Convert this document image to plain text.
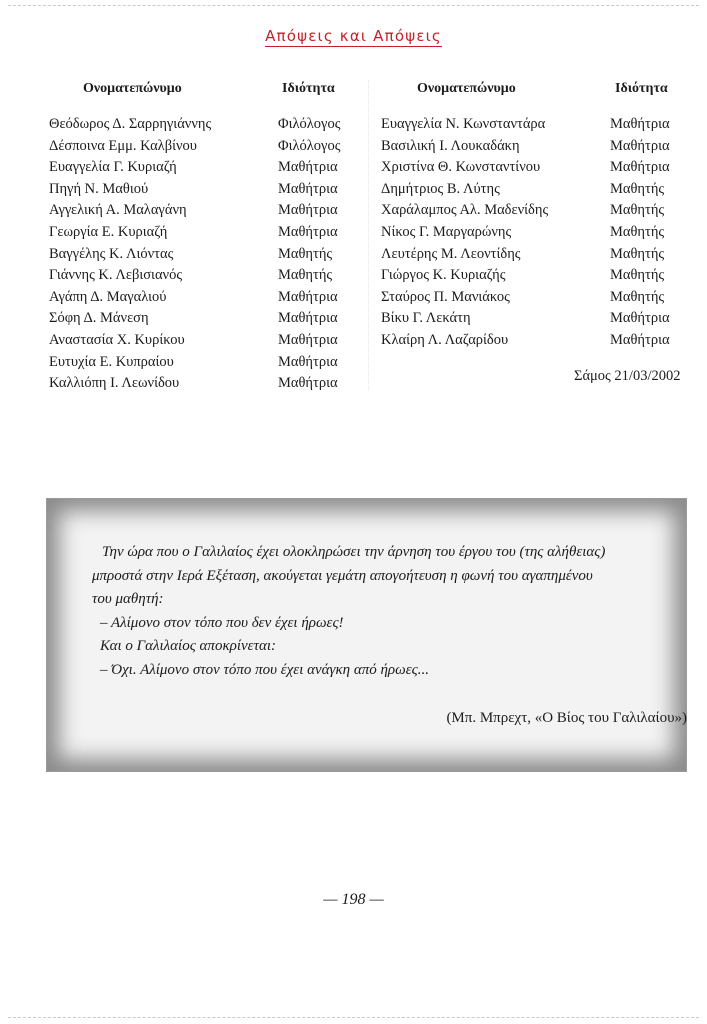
Απόψεις και Απόψεις
Ονοματεπώνυμο
Θεόδωρος Δ. Σαρρηγιάννης
Δέσποινα Εμμ. Καλβίνου
Ευαγγελία Γ. Κυριαζή
Πηγή Ν. Μαθιού
Αγγελική Α. Μαλαγάνη
Γεωργία Ε. Κυριαζή
Βαγγέλης Κ. Λιόντας
Γιάννης Κ. Λεβισιανός
Αγάπη Δ. Μαγαλιού
Σόφη Δ. Μάνεση
Αναστασία Χ. Κυρίκου
Ευτυχία Ε. Κυπραίου
Καλλιόπη Ι. Λεωνίδου
Ιδιότητα
Φιλόλογος
Φιλόλογος
Μαθήτρια
Μαθήτρια
Μαθήτρια
Μαθήτρια
Μαθητής
Μαθητής
Μαθήτρια
Μαθήτρια
Μαθήτρια
Μαθήτρια
Μαθήτρια
Ονοματεπώνυμο
Ευαγγελία Ν. Κωνσταντάρα
Βασιλική Ι. Λουκαδάκη
Χριστίνα Θ. Κωνσταντίνου
Δημήτριος Β. Λύτης
Χαράλαμπος Αλ. Μαδενίδης
Νίκος Γ. Μαργαρώνης
Λευτέρης Μ. Λεοντίδης
Γιώργος Κ. Κυριαζής
Σταύρος Π. Μανιάκος
Βίκυ Γ. Λεκάτη
Κλαίρη Λ. Λαζαρίδου
Ιδιότητα
Μαθήτρια
Μαθήτρια
Μαθήτρια
Μαθητής
Μαθητής
Μαθητής
Μαθητής
Μαθητής
Μαθητής
Μαθήτρια
Μαθήτρια
Σάμος 21/03/2002
Την ώρα που ο Γαλιλαίος έχει ολοκληρώσει την άρνηση του έργου του (της αλήθειας)
μπροστά στην Ιερά Εξέταση, ακούγεται γεμάτη απογοήτευση η φωνή του αγαπημένου
του μαθητή:
– Αλίμονο στον τόπο που δεν έχει ήρωες!
Και ο Γαλιλαίος αποκρίνεται:
– Όχι. Αλίμονο στον τόπο που έχει ανάγκη από ήρωες...
(Μπ. Μπρεχτ, «Ο Βίος του Γαλιλαίου»)
— 198 —
